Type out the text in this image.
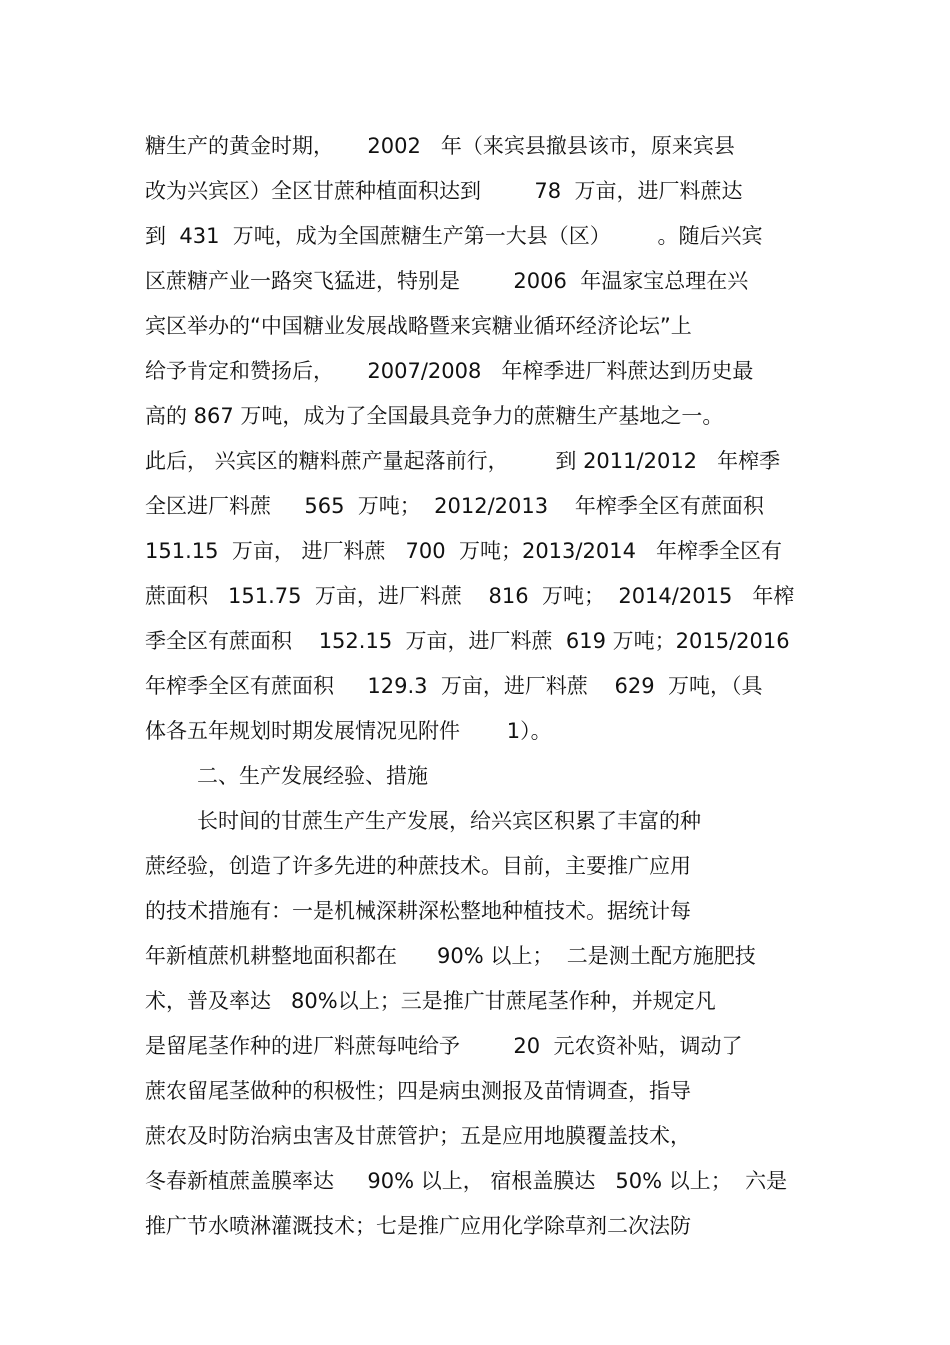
糖生产的黄金时期，     2002   年（来宾县撤县该市，原来宾县
改为兴宾区）全区甘蔗种植面积达到        78  万亩，进厂料蔗达
到  431  万吨，成为全国蔗糖生产第一大县（区）       。随后兴宾
区蔗糖产业一路突飞猛进，特别是        2006  年温家宝总理在兴
宾区举办的“中国糖业发展战略暨来宾糖业循环经济论坛”上
给予肯定和赞扬后，     2007/2008   年榨季进厂料蔗达到历史最
高的 867 万吨，成为了全国最具竞争力的蔗糖生产基地之一。
此后， 兴宾区的糖料蔗产量起落前行，       到 2011/2012   年榨季
全区进厂料蔗     565  万吨；  2012/2013    年榨季全区有蔗面积
151.15  万亩， 进厂料蔗   700  万吨；2013/2014   年榨季全区有
蔗面积   151.75  万亩，进厂料蔗    816  万吨；  2014/2015   年榨
季全区有蔗面积    152.15  万亩，进厂料蔗  619 万吨；2015/2016
年榨季全区有蔗面积     129.3  万亩，进厂料蔗    629  万吨，（具
体各五年规划时期发展情况见附件       1）。
二、生产发展经验、措施
长时间的甘蔗生产生产发展，给兴宾区积累了丰富的种
蔗经验，创造了许多先进的种蔗技术。目前，主要推广应用
的技术措施有：一是机械深耕深松整地种植技术。据统计每
年新植蔗机耕整地面积都在      90% 以上；  二是测土配方施肥技
术，普及率达   80%以上；三是推广甘蔗尾茎作种，并规定凡
是留尾茎作种的进厂料蔗每吨给予        20  元农资补贴，调动了
蔗农留尾茎做种的积极性；四是病虫测报及苗情调查，指导
蔗农及时防治病虫害及甘蔗管护；五是应用地膜覆盖技术，
冬春新植蔗盖膜率达     90% 以上， 宿根盖膜达   50% 以上；  六是
推广节水喷淋灌溉技术；七是推广应用化学除草剂二次法防
